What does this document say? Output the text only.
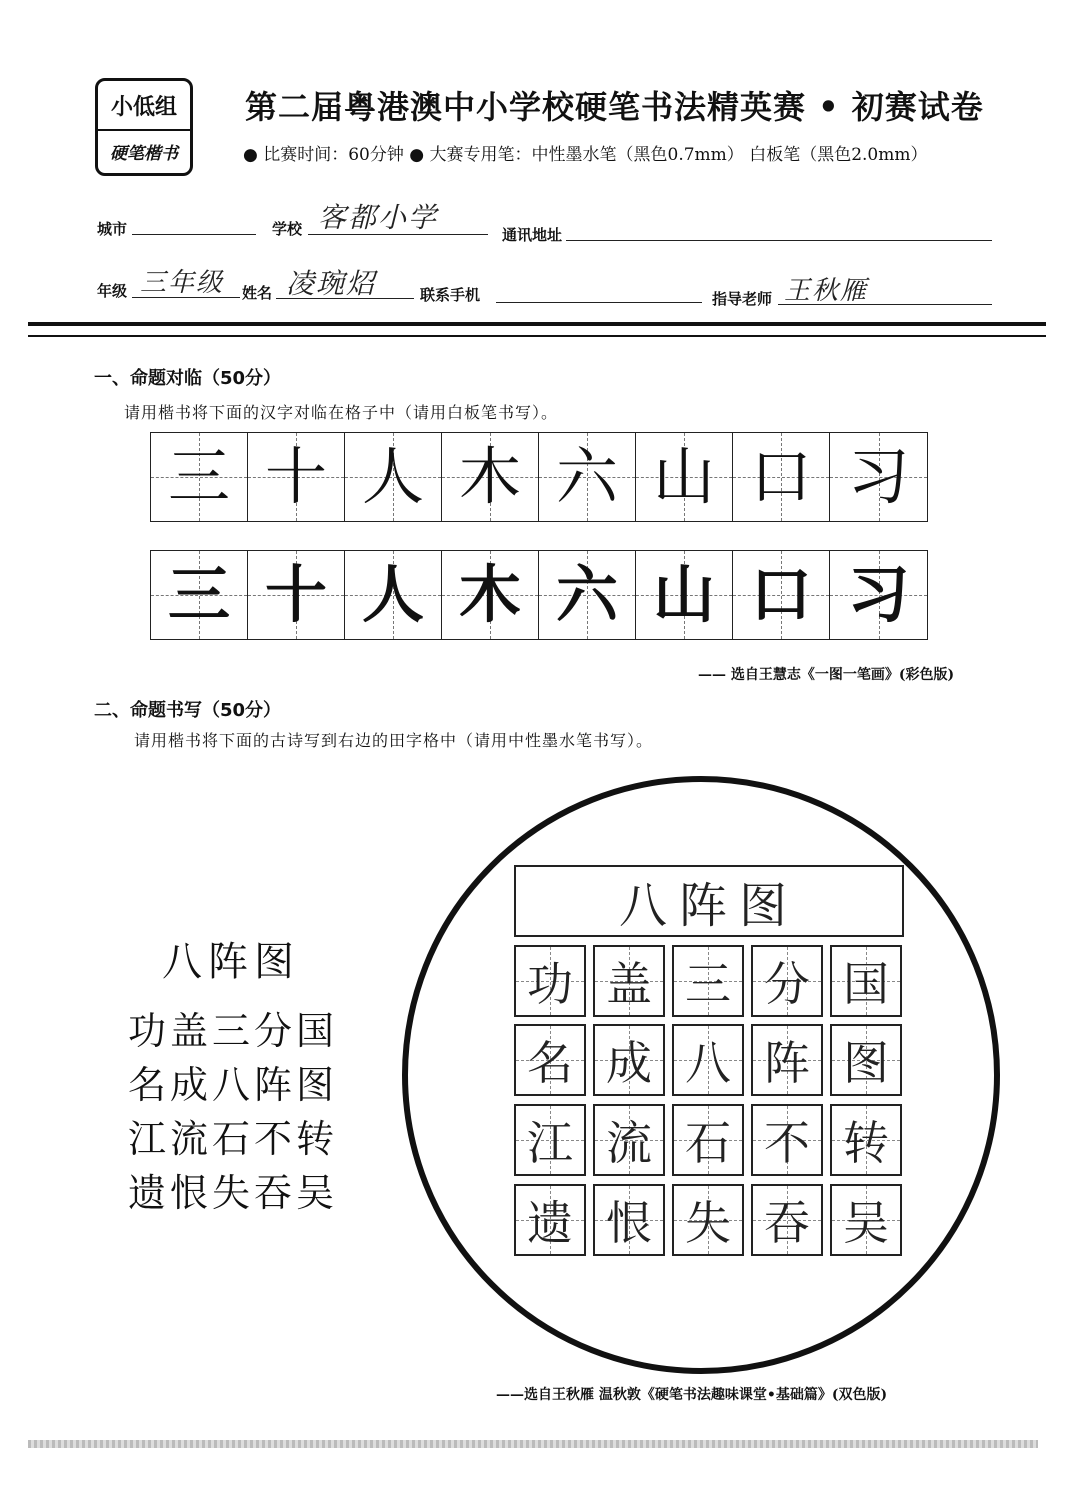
小低组
硬笔楷书
第二届粤港澳中小学校硬笔书法精英赛 • 初赛试卷
● 比赛时间：60分钟 ● 大赛专用笔：中性墨水笔（黑色0.7mm） 白板笔（黑色2.0mm）
城市	学校 客都小学
通讯地址
年级 三年级 姓名 凌琬炤	联系手机	指导老师 王秋雁
一、命题对临（50分）
请用楷书将下面的汉字对临在格子中（请用白板笔书写）。
三 十 人 木 六 山 口 习
三 十 人 木 六 山 口 习
—— 选自王慧志《一图一笔画》(彩色版)
二、命题书写（50分）
请用楷书将下面的古诗写到右边的田字格中（请用中性墨水笔书写）。
八阵图
功盖三分国
名成八阵图
江流石不转
遗恨失吞吴
八阵图
功 盖 三 分 国
名 成 八 阵 图
江 流 石 不 转
遗 恨 失 吞 吴
——选自王秋雁 温秋敦《硬笔书法趣味课堂•基础篇》(双色版)
